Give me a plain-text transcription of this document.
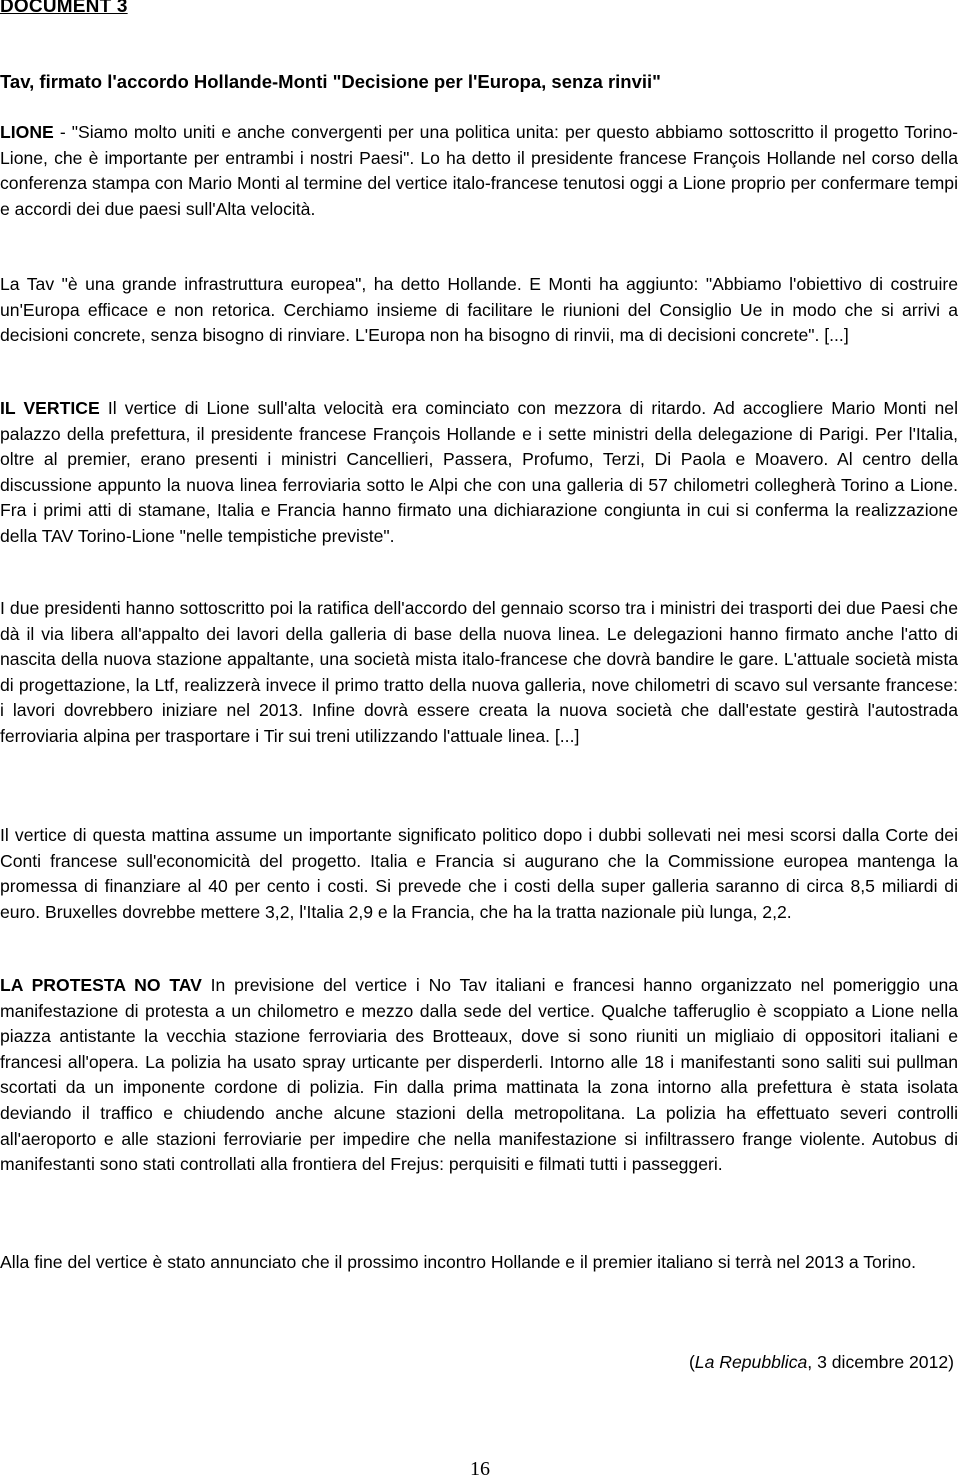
DOCUMENT 3
Tav, firmato l'accordo Hollande-Monti "Decisione per l'Europa, senza rinvii"

LIONE - "Siamo molto uniti e anche convergenti per una politica unita: per questo abbiamo sottoscritto il progetto Torino-Lione, che è importante per entrambi i nostri Paesi". Lo ha detto il presidente francese François Hollande nel corso della conferenza stampa con Mario Monti al termine del vertice italo-francese tenutosi oggi a Lione proprio per confermare tempi e accordi dei due paesi sull'Alta velocità.

La Tav "è una grande infrastruttura europea", ha detto Hollande. E Monti ha aggiunto: "Abbiamo l'obiettivo di costruire un'Europa efficace e non retorica. Cerchiamo insieme di facilitare le riunioni del Consiglio Ue in modo che si arrivi a decisioni concrete, senza bisogno di rinviare. L'Europa non ha bisogno di rinvii, ma di decisioni concrete". [...]

IL VERTICE Il vertice di Lione sull'alta velocità era cominciato con mezzora di ritardo. Ad accogliere Mario Monti nel palazzo della prefettura, il presidente francese François Hollande e i sette ministri della delegazione di Parigi. Per l'Italia, oltre al premier, erano presenti i ministri Cancellieri, Passera, Profumo, Terzi, Di Paola e Moavero. Al centro della discussione appunto la nuova linea ferroviaria sotto le Alpi che con una galleria di 57 chilometri collegherà Torino a Lione. Fra i primi atti di stamane, Italia e Francia hanno firmato una dichiarazione congiunta in cui si conferma la realizzazione della TAV Torino-Lione "nelle tempistiche previste".

I due presidenti hanno sottoscritto poi la ratifica dell'accordo del gennaio scorso tra i ministri dei trasporti dei due Paesi che dà il via libera all'appalto dei lavori della galleria di base della nuova linea. Le delegazioni hanno firmato anche l'atto di nascita della nuova stazione appaltante, una società mista italo-francese che dovrà bandire le gare. L'attuale società mista di progettazione, la Ltf, realizzerà invece il primo tratto della nuova galleria, nove chilometri di scavo sul versante francese: i lavori dovrebbero iniziare nel 2013. Infine dovrà essere creata la nuova società che dall'estate gestirà l'autostrada ferroviaria alpina per trasportare i Tir sui treni utilizzando l'attuale linea. [...]

Il vertice di questa mattina assume un importante significato politico dopo i dubbi sollevati nei mesi scorsi dalla Corte dei Conti francese sull'economicità del progetto. Italia e Francia si augurano che la Commissione europea mantenga la promessa di finanziare al 40 per cento i costi. Si prevede che i costi della super galleria saranno di circa 8,5 miliardi di euro. Bruxelles dovrebbe mettere 3,2, l'Italia 2,9 e la Francia, che ha la tratta nazionale più lunga, 2,2.

LA PROTESTA NO TAV In previsione del vertice i No Tav italiani e francesi hanno organizzato nel pomeriggio una manifestazione di protesta a un chilometro e mezzo dalla sede del vertice. Qualche tafferuglio è scoppiato a Lione nella piazza antistante la vecchia stazione ferroviaria des Brotteaux, dove si sono riuniti un migliaio di oppositori italiani e francesi all'opera. La polizia ha usato spray urticante per disperderli. Intorno alle 18 i manifestanti sono saliti sui pullman scortati da un imponente cordone di polizia. Fin dalla prima mattinata la zona intorno alla prefettura è stata isolata deviando il traffico e chiudendo anche alcune stazioni della metropolitana. La polizia ha effettuato severi controlli all'aeroporto e alle stazioni ferroviarie per impedire che nella manifestazione si infiltrassero frange violente. Autobus di manifestanti sono stati controllati alla frontiera del Frejus: perquisiti e filmati tutti i passeggeri.

Alla fine del vertice è stato annunciato che il prossimo incontro Hollande e il premier italiano si terrà nel 2013 a Torino.

(La Repubblica, 3 dicembre 2012)
16
